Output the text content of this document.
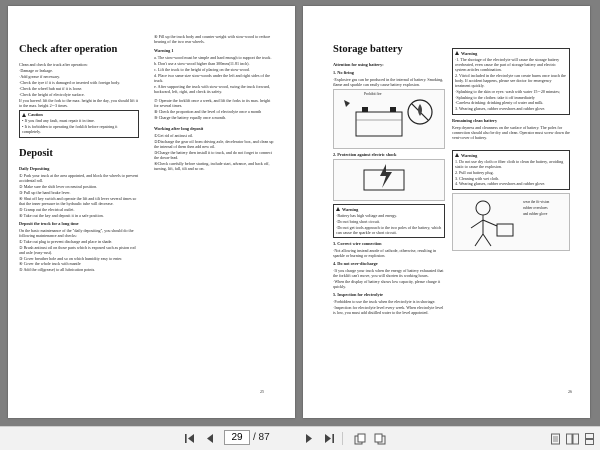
Check after operation

Clean and check the truck after operation:

·Damage or leakage.

·Add grease if necessary.

·Check the tyre if it is damaged or inserted with foreign body.

·Check the wheel hub nut if it is loose.

·Check the height of electrolyte surface.

If you haven't lift the fork to the max. height in the day, you should lift it to the max. height 2∼3 times.

Caution

• If you find any fault, must repair it in time.

• It is forbidden to operating the forklift before repairing it completely.

Deposit
Daily Depositing

① Park your truck at the area appointed, and block the wheels to prevent accidental roll.

② Make sure the shift lever on neutral position.

③ Pull up the hand brake lever.

④ Shut off key switch and operate the lift and tilt lever several times so that the inner pressure in the hydraulic tube will decrease.

⑤ Cramp out the electrical outlet.

⑥ Take out the key and deposit it in a safe position.

Deposit the truck for a long time

On the basic maintenance of the "daily depositing", you should do the following maintenance and checks:

① Take out plug to prevent discharge and place in shade.

② Brush antirust oil on those parts which is exposed such as piston rod and axle (easy-rust).

③ Cover breather hole and so on which humidity easy to enter.

④ Cover the whole truck with mantle

⑤ Add the oil(grease) to all lubrication points.

⑥ Fill up the truck body and counter weight with stow-wood to reduce bearing of the two rear wheels.

Warning 1

a. The stow-wood must be simple and hard enough to support the truck.

b. Don't use a stow-wood higher than 300mm(11.81 inch).

c. Lift the truck to the height of placing on the stow-wood.

d. Place two same size stow-woods under the left and right sides of the truck.

e. After supporting the truck with stow-wood, swing the truck forward, backward, left, right, and check its safety.

⑦ Operate the forklift once a week, and lift the forks to its max. height for several times.

⑧ Check the proportion and the level of electrolyte once a month

⑨ Charge the battery equally once a month.

Working after long deposit

①Get rid of antirust oil.

②Discharge the gear oil from driving axle, decelerator box, and clean up the internal of them then add new oil.

③Charge the battery then install it to truck, and do not forget to connect the down-lead.

④Check carefully before starting, include start, advance, and back off, turning, lift, fall, tilt and so on.

25
Storage battery
Attention for using battery:
1. No firing

·Explosive gas can be produced in the internal of battery. Smoking, flame and sparkle can easily cause battery explosion.

Prohibit fire
2. Protection against electric shock
Warning

·Battery has high voltage and energy.

·Do not bring short circuit.

·Do not get tools approach to the two poles of the battery, which can cause the sparkle or short circuit.

3. Correct wire connection

·Not allowing instead anode of cathode, otherwise, resulting in sparkle or burning or explosion.

4. Do not over-discharge

·If you charge your truck when the energy of battery exhausted that the forklift can't move, you will shorten its working hours.

·When the display of battery shows low capacity, please charge it quickly.

5. Inspection for electrolyte

·Forbidden to use the truck when the electrolyte is in shortage.

·Inspection for electrolyte level every week. When electrolyte level is low, you must add distilled water to the level appointed.

Warning

·1. The shortage of the electrolyte will cause the storage battery overheated, even cause the part of storage battery and electric system articles combination.

2. Vitriol included in the electrolyte can create burns once touch the body. If accident happens, please see doctor for emergency treatment quickly.

·Splashing to the skin or eyes: wash with water 15∼20 minutes;

·Splashing to the clothes: take it off immediately

·Careless drinking: drinking plenty of water and milk.

3. Wearing glasses, rubber overshoes and rubber glove.

Remaining clean battery

Keep dryness and cleanness on the surface of battery. The poles for connection should also be dry and clean. Operator must screw down the vent-cover of battery.

Warning

1. Do not use dry cloth or fiber cloth to clean the battery, avoiding static to cause the explosion.

2. Pull out battery plug.

3. Cleaning with wet cloth.

4. Wearing glasses, rubber overshoes and rubber glove.

wear the fit-vision
rubber overshoes
and rubber glove
26
29
/ 87
